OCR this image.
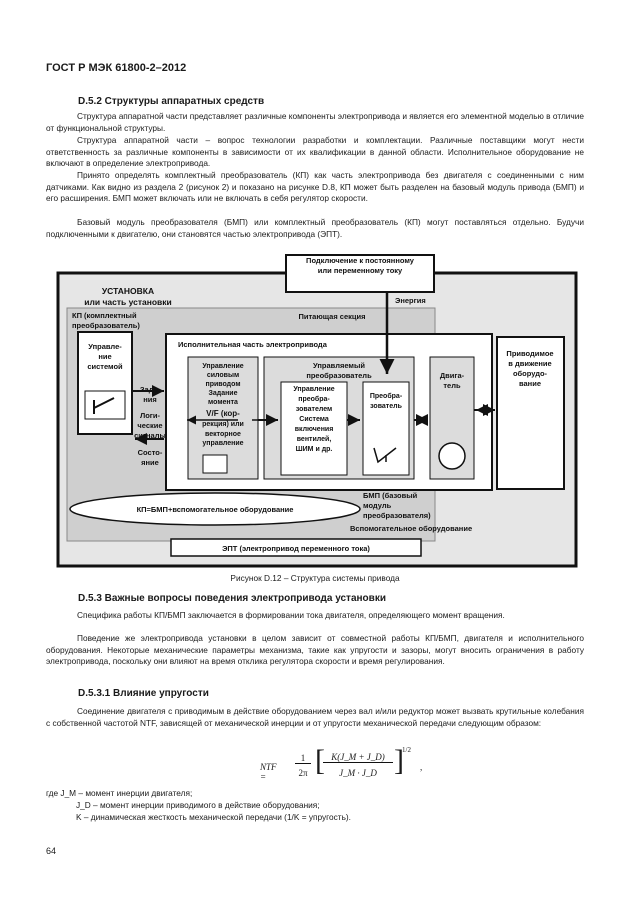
ГОСТ Р МЭК 61800-2–2012
D.5.2 Структуры аппаратных средств
Структура аппаратной части представляет различные компоненты электропривода и является его элементной моделью в отличие от функциональной структуры.
Структура аппаратной части – вопрос технологии разработки и комплектации. Различные поставщики могут нести ответственность за различные компоненты в зависимости от их квалификации в данной области. Исполнительное оборудование не включают в определение электропривода.
Принято определять комплектный преобразователь (КП) как часть электропривода без двигателя с соединенными с ним датчиками. Как видно из раздела 2 (рисунок 2) и показано на рисунке D.8, КП может быть разделен на базовый модуль привода (БМП) и его расширения. БМП может включать или не включать в себя регулятор скорости.
Базовый модуль преобразователя (БМП) или комплектный преобразователь (КП) могут поставляться отдельно. Будучи подключенными к двигателю, они становятся частью электропривода (ЭПТ).
Подключение к постоянному
или переменному току
УСТАНОВКА
или часть установки
КП (комплектный
преобразователь)
Питающая секция
Энергия
Управле-
ние
системой
Исполнительная часть электропривода
Зада-
ния
Логи-
ческие
сигналы
Состо-
яние
Управление
силовым
приводом
Задание
момента
V/F (кор-
рекция) или
векторное
управление
Управляемый
преобразователь
Управление
преобра-
зователем
Система
включения
вентилей,
ШИМ и др.
Преобра-
зователь
Двига-
тель
Приводимое
в движение
оборудо-
вание
БМП (базовый
модуль
преобразователя)
КП=БМП+вспомогательное оборудование
Вспомогательное оборудование
ЭПТ (электропривод переменного тока)
Рисунок D.12 – Структура системы привода
D.5.3 Важные вопросы поведения электропривода установки
Специфика работы КП/БМП заключается в формировании тока двигателя, определяющего момент вращения.
Поведение же электропривода установки в целом зависит от совместной работы КП/БМП, двигателя и исполнительного оборудования. Некоторые механические параметры механизма, такие как упругости и зазоры, могут вносить ограничения в работу электропривода, поскольку они влияют на время отклика регулятора скорости и время регулирования.
D.5.3.1 Влияние упругости
Соединение двигателя с приводимым в действие оборудованием через вал и/или редуктор может вызвать крутильные колебания с собственной частотой NTF, зависящей от механической инерции и от упругости механической передачи следующим образом:
NTF =
1
2π [ K(J_M + J_D)
J_M · J_D ]
1/2
,
где J_M – момент инерции двигателя;
J_D – момент инерции приводимого в действие оборудования;
K – динамическая жесткость механической передачи (1/K = упругость).
64
